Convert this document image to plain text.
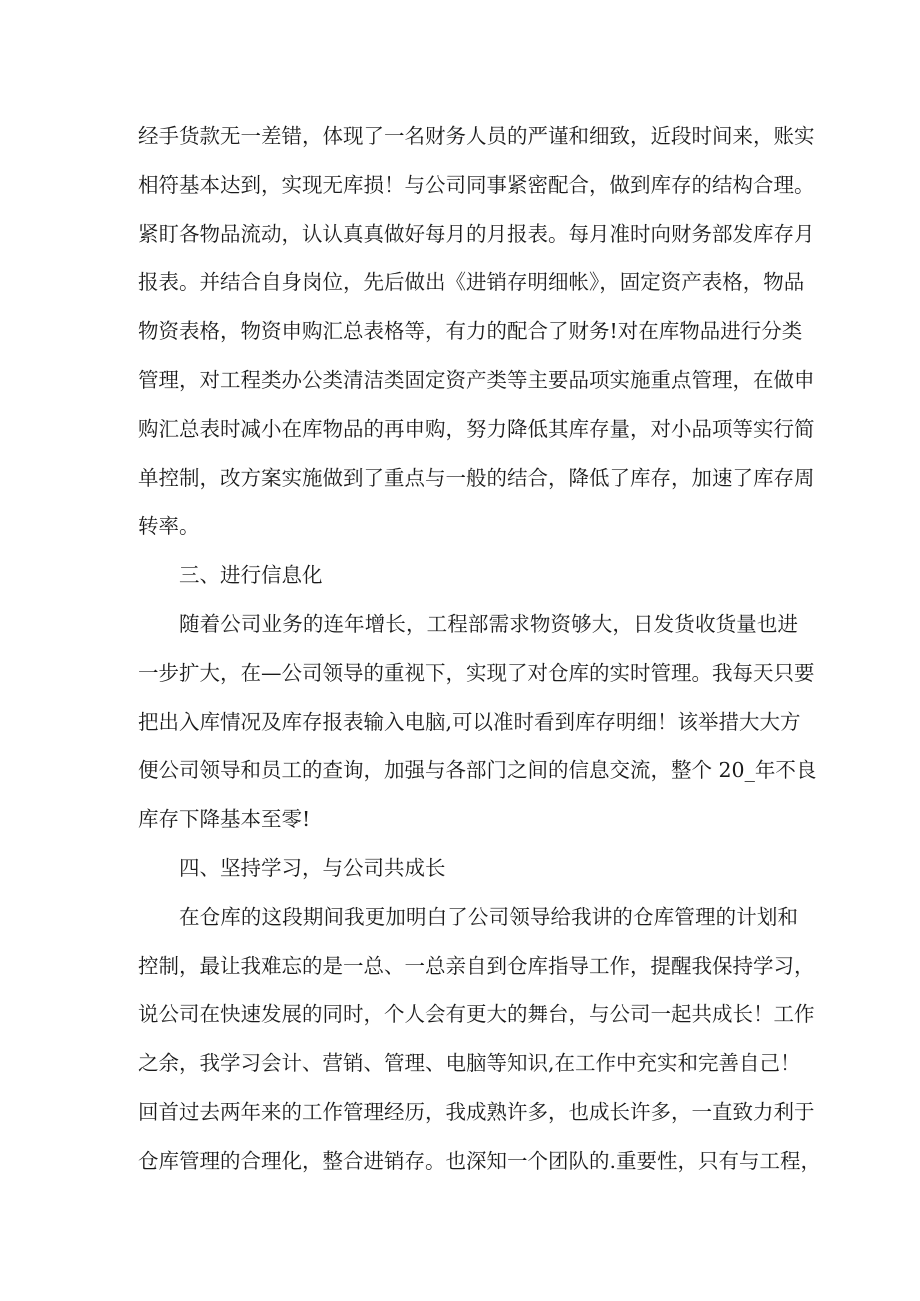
经手货款无一差错，体现了一名财务人员的严谨和细致，近段时间来，账实
相符基本达到，实现无库损！与公司同事紧密配合，做到库存的结构合理。
紧盯各物品流动，认认真真做好每月的月报表。每月准时向财务部发库存月
报表。并结合自身岗位，先后做出《进销存明细帐》，固定资产表格，物品
物资表格，物资申购汇总表格等，有力的配合了财务!对在库物品进行分类
管理，对工程类办公类清洁类固定资产类等主要品项实施重点管理，在做申
购汇总表时减小在库物品的再申购，努力降低其库存量，对小品项等实行简
单控制，改方案实施做到了重点与一般的结合，降低了库存，加速了库存周
转率。
三、进行信息化
随着公司业务的连年增长，工程部需求物资够大，日发货收货量也进
一步扩大，在—公司领导的重视下，实现了对仓库的实时管理。我每天只要
把出入库情况及库存报表输入电脑,可以准时看到库存明细！该举措大大方
便公司领导和员工的查询，加强与各部门之间的信息交流，整个 20_年不良
库存下降基本至零!
四、坚持学习，与公司共成长
在仓库的这段期间我更加明白了公司领导给我讲的仓库管理的计划和
控制，最让我难忘的是一总、一总亲自到仓库指导工作，提醒我保持学习，
说公司在快速发展的同时，个人会有更大的舞台，与公司一起共成长！工作
之余，我学习会计、营销、管理、电脑等知识,在工作中充实和完善自己！
回首过去两年来的工作管理经历，我成熟许多，也成长许多，一直致力利于
仓库管理的合理化，整合进销存。也深知一个团队的.重要性，只有与工程，
